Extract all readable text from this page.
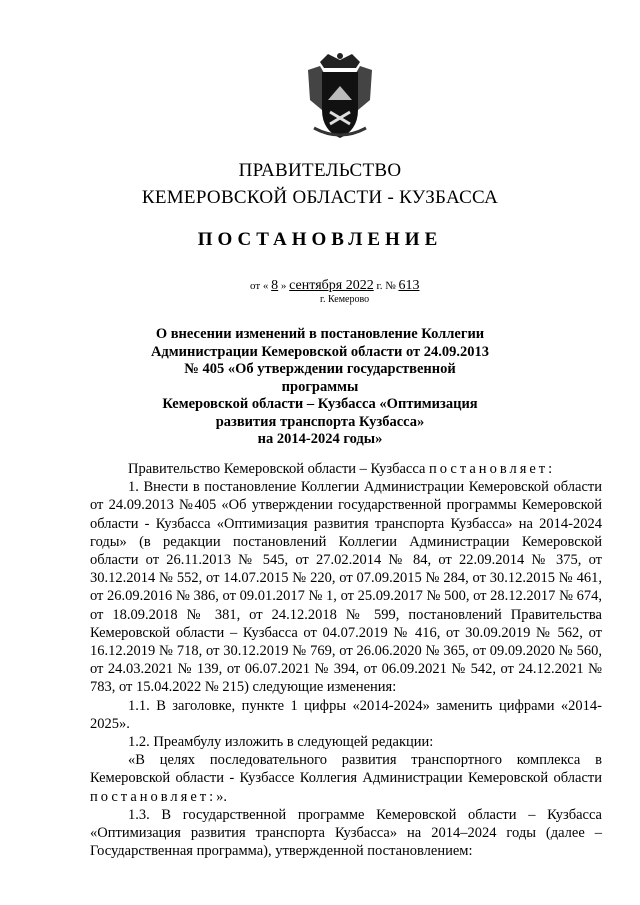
ПРАВИТЕЛЬСТВО
КЕМЕРОВСКОЙ ОБЛАСТИ - КУЗБАССА
ПОСТАНОВЛЕНИЕ
от « 8 » сентября 2022 г. № 613
г. Кемерово
О внесении изменений в постановление Коллегии
Администрации Кемеровской области от 24.09.2013
№ 405 «Об утверждении государственной программы
Кемеровской области – Кузбасса «Оптимизация
развития транспорта Кузбасса»
на 2014-2024 годы»

Правительство Кемеровской области – Кузбасса постановляет:

1. Внести в постановление Коллегии Администрации Кемеровской области от 24.09.2013 №405 «Об утверждении государственной программы Кемеровской области - Кузбасса «Оптимизация развития транспорта Кузбасса» на 2014-2024 годы» (в редакции постановлений Коллегии Администрации Кемеровской области от 26.11.2013 № 545, от 27.02.2014 № 84, от 22.09.2014 № 375, от 30.12.2014 № 552, от 14.07.2015 № 220, от 07.09.2015 № 284, от 30.12.2015 № 461, от 26.09.2016 № 386, от 09.01.2017 № 1, от 25.09.2017 № 500, от 28.12.2017 № 674, от 18.09.2018 № 381, от 24.12.2018 № 599, постановлений Правительства Кемеровской области – Кузбасса от 04.07.2019 № 416, от 30.09.2019 № 562, от 16.12.2019 № 718, от 30.12.2019 № 769, от 26.06.2020 № 365, от 09.09.2020 № 560, от 24.03.2021 № 139, от 06.07.2021 № 394, от 06.09.2021 № 542, от 24.12.2021 № 783, от 15.04.2022 № 215) следующие изменения:

1.1. В заголовке, пункте 1 цифры «2014-2024» заменить цифрами «2014-2025».

1.2. Преамбулу изложить в следующей редакции:

«В целях последовательного развития транспортного комплекса в Кемеровской области - Кузбассе Коллегия Администрации Кемеровской области постановляет:».

1.3. В государственной программе Кемеровской области – Кузбасса «Оптимизация развития транспорта Кузбасса» на 2014–2024 годы (далее – Государственная программа), утвержденной постановлением:
